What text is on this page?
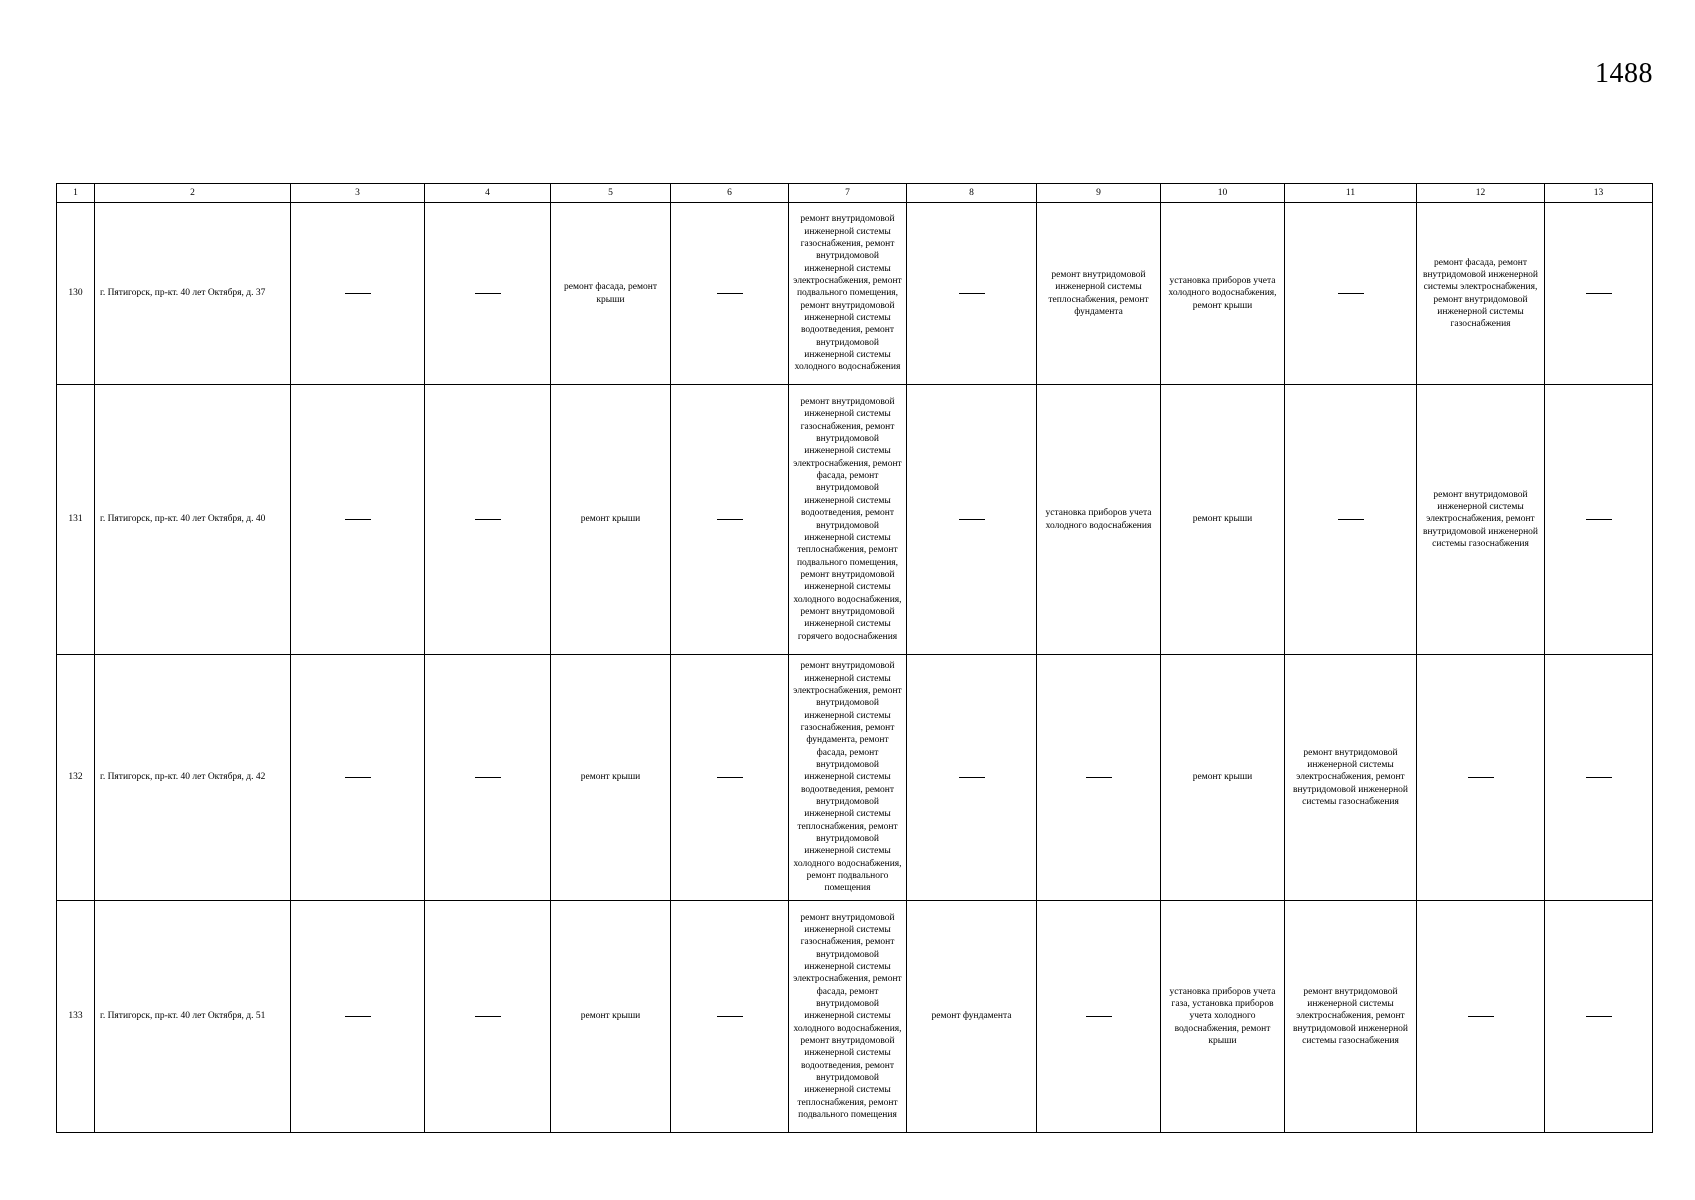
1488
1	2	3	4	5	6	7	8	9	10	11	12	13
130	г. Пятигорск, пр-кт. 40 лет Октября, д. 37			ремонт фасада, ремонт крыши		ремонт внутридомовой инженерной системы газоснабжения, ремонт внутридомовой инженерной системы электроснабжения, ремонт подвального помещения, ремонт внутридомовой инженерной системы водоотведения, ремонт внутридомовой инженерной системы холодного водоснабжения		ремонт внутридомовой инженерной системы теплоснабжения, ремонт фундамента	установка приборов учета холодного водоснабжения, ремонт крыши		ремонт фасада, ремонт внутридомовой инженерной системы электроснабжения, ремонт внутридомовой инженерной системы газоснабжения	
131	г. Пятигорск, пр-кт. 40 лет Октября, д. 40			ремонт крыши		ремонт внутридомовой инженерной системы газоснабжения, ремонт внутридомовой инженерной системы электроснабжения, ремонт фасада, ремонт внутридомовой инженерной системы водоотведения, ремонт внутридомовой инженерной системы теплоснабжения, ремонт подвального помещения, ремонт внутридомовой инженерной системы холодного водоснабжения, ремонт внутридомовой инженерной системы горячего водоснабжения		установка приборов учета холодного водоснабжения	ремонт крыши		ремонт внутридомовой инженерной системы электроснабжения, ремонт внутридомовой инженерной системы газоснабжения	
132	г. Пятигорск, пр-кт. 40 лет Октября, д. 42			ремонт крыши		ремонт внутридомовой инженерной системы электроснабжения, ремонт внутридомовой инженерной системы газоснабжения, ремонт фундамента, ремонт фасада, ремонт внутридомовой инженерной системы водоотведения, ремонт внутридомовой инженерной системы теплоснабжения, ремонт внутридомовой инженерной системы холодного водоснабжения, ремонт подвального помещения			ремонт крыши	ремонт внутридомовой инженерной системы электроснабжения, ремонт внутридомовой инженерной системы газоснабжения		
133	г. Пятигорск, пр-кт. 40 лет Октября, д. 51			ремонт крыши		ремонт внутридомовой инженерной системы газоснабжения, ремонт внутридомовой инженерной системы электроснабжения, ремонт фасада, ремонт внутридомовой инженерной системы холодного водоснабжения, ремонт внутридомовой инженерной системы водоотведения, ремонт внутридомовой инженерной системы теплоснабжения, ремонт подвального помещения	ремонт фундамента		установка приборов учета газа, установка приборов учета холодного водоснабжения, ремонт крыши	ремонт внутридомовой инженерной системы электроснабжения, ремонт внутридомовой инженерной системы газоснабжения		
